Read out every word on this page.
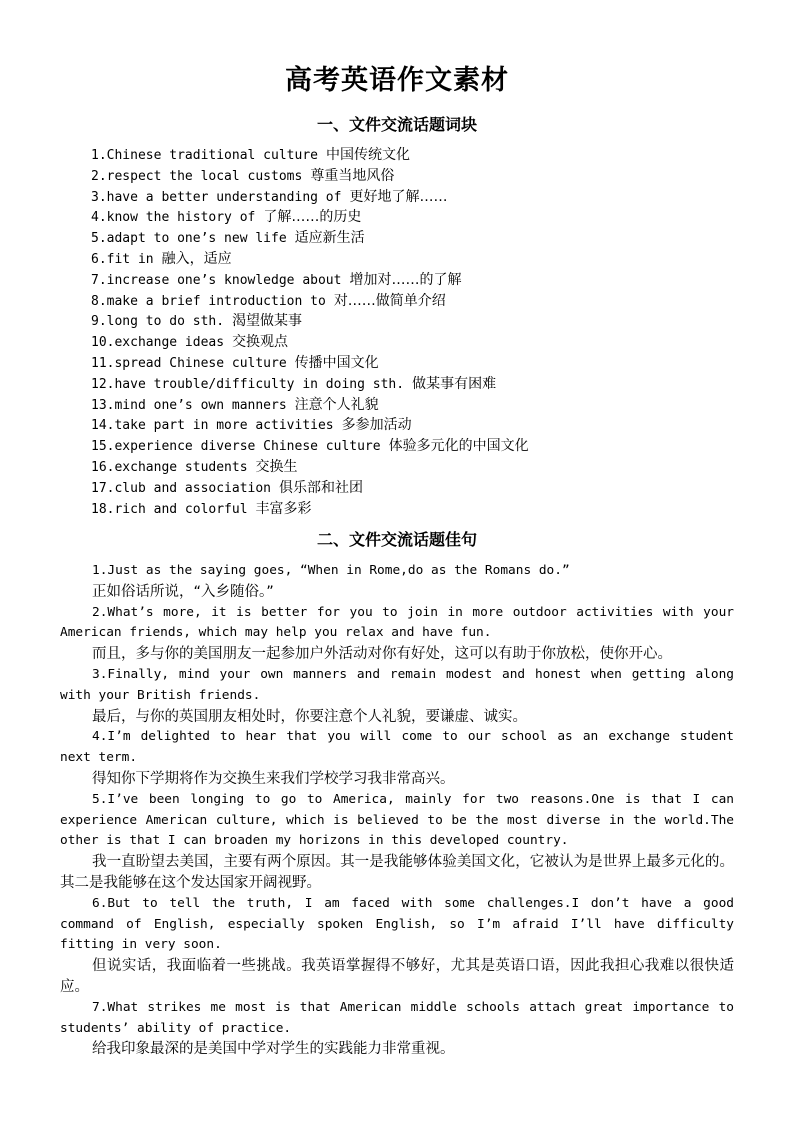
高考英语作文素材
一、文件交流话题词块
1.Chinese traditional culture 中国传统文化
2.respect the local customs 尊重当地风俗
3.have a better understanding of 更好地了解……
4.know the history of 了解……的历史
5.adapt to one’s new life 适应新生活
6.fit in 融入，适应
7.increase one’s knowledge about 增加对……的了解
8.make a brief introduction to 对……做简单介绍
9.long to do sth. 渴望做某事
10.exchange ideas 交换观点
11.spread Chinese culture 传播中国文化
12.have trouble/difficulty in doing sth. 做某事有困难
13.mind one’s own manners 注意个人礼貌
14.take part in more activities 多参加活动
15.experience diverse Chinese culture 体验多元化的中国文化
16.exchange students 交换生
17.club and association 俱乐部和社团
18.rich and colorful 丰富多彩
二、文件交流话题佳句

1.Just as the saying goes, “When in Rome,do as the Romans do.”

正如俗话所说，“入乡随俗。”

2.What’s more, it is better for you to join in more outdoor activities with your American friends, which may help you relax and have fun.

而且，多与你的美国朋友一起参加户外活动对你有好处，这可以有助于你放松，使你开心。

3.Finally, mind your own manners and remain modest and honest when getting along with your British friends.

最后，与你的英国朋友相处时，你要注意个人礼貌，要谦虚、诚实。

4.I’m delighted to hear that you will come to our school as an exchange student next term.

得知你下学期将作为交换生来我们学校学习我非常高兴。

5.I’ve been longing to go to America, mainly for two reasons.One is that I can experience American culture, which is believed to be the most diverse in the world.The other is that I can broaden my horizons in this developed country.

我一直盼望去美国，主要有两个原因。其一是我能够体验美国文化，它被认为是世界上最多元化的。其二是我能够在这个发达国家开阔视野。

6.But to tell the truth, I am faced with some challenges.I don’t have a good command of English, especially spoken English, so I’m afraid I’ll have difficulty fitting in very soon.

但说实话，我面临着一些挑战。我英语掌握得不够好，尤其是英语口语，因此我担心我难以很快适应。

7.What strikes me most is that American middle schools attach great importance to students’ ability of practice.

给我印象最深的是美国中学对学生的实践能力非常重视。
